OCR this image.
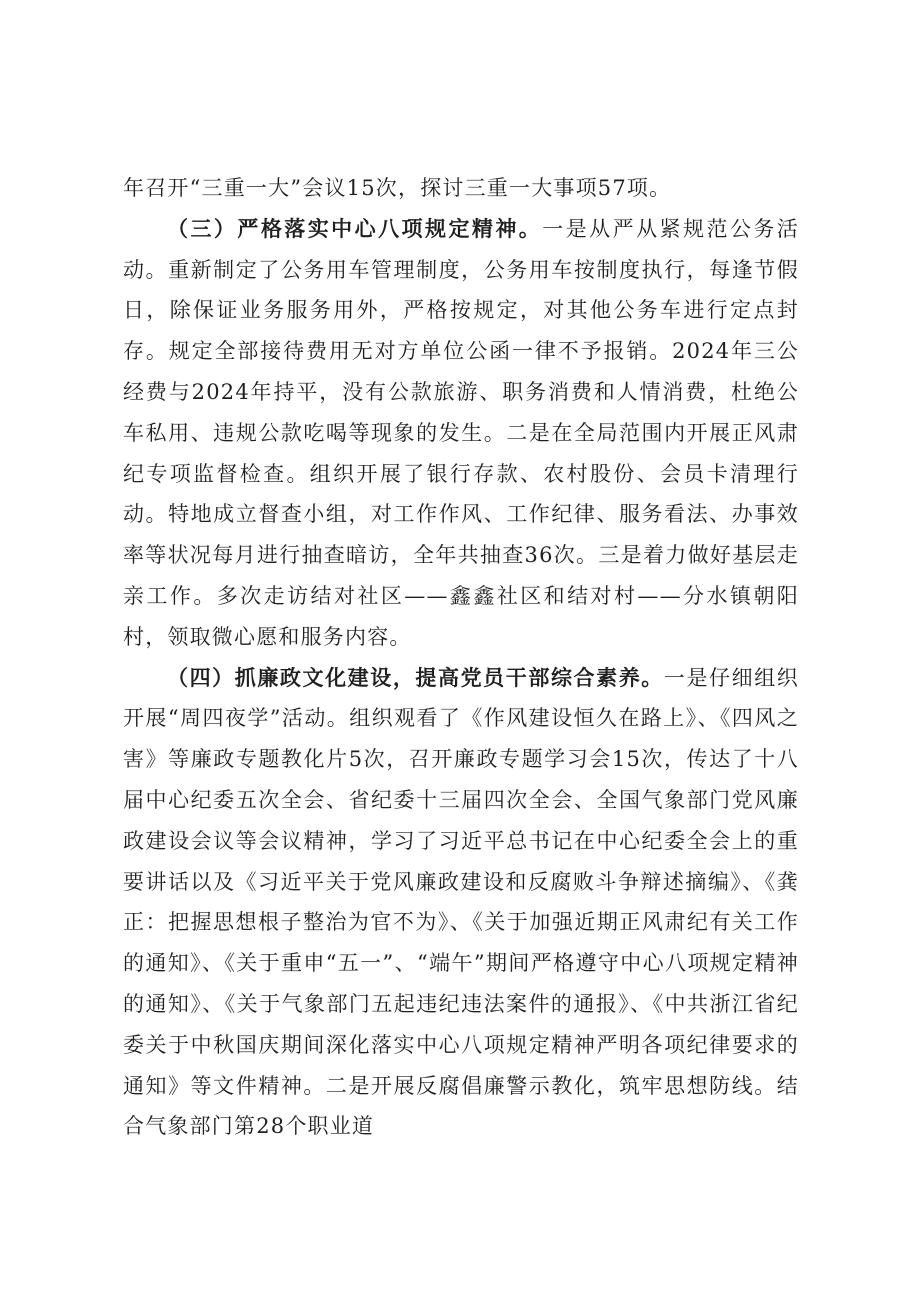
年召开“三重一大”会议15次，探讨三重一大事项57项。

（三）严格落实中心八项规定精神。一是从严从紧规范公务活动。重新制定了公务用车管理制度，公务用车按制度执行，每逢节假日，除保证业务服务用外，严格按规定，对其他公务车进行定点封存。规定全部接待费用无对方单位公函一律不予报销。2024年三公经费与2024年持平，没有公款旅游、职务消费和人情消费，杜绝公车私用、违规公款吃喝等现象的发生。二是在全局范围内开展正风肃纪专项监督检查。组织开展了银行存款、农村股份、会员卡清理行动。特地成立督查小组，对工作作风、工作纪律、服务看法、办事效率等状况每月进行抽查暗访，全年共抽查36次。三是着力做好基层走亲工作。多次走访结对社区——鑫鑫社区和结对村——分水镇朝阳村，领取微心愿和服务内容。

（四）抓廉政文化建设，提高党员干部综合素养。一是仔细组织开展“周四夜学”活动。组织观看了《作风建设恒久在路上》、《四风之害》等廉政专题教化片5次，召开廉政专题学习会15次，传达了十八届中心纪委五次全会、省纪委十三届四次全会、全国气象部门党风廉政建设会议等会议精神，学习了习近平总书记在中心纪委全会上的重要讲话以及《习近平关于党风廉政建设和反腐败斗争辩述摘编》、《龚正：把握思想根子整治为官不为》、《关于加强近期正风肃纪有关工作的通知》、《关于重申“五一”、“端午”期间严格遵守中心八项规定精神的通知》、《关于气象部门五起违纪违法案件的通报》、《中共浙江省纪委关于中秋国庆期间深化落实中心八项规定精神严明各项纪律要求的通知》等文件精神。二是开展反腐倡廉警示教化，筑牢思想防线。结合气象部门第28个职业道
